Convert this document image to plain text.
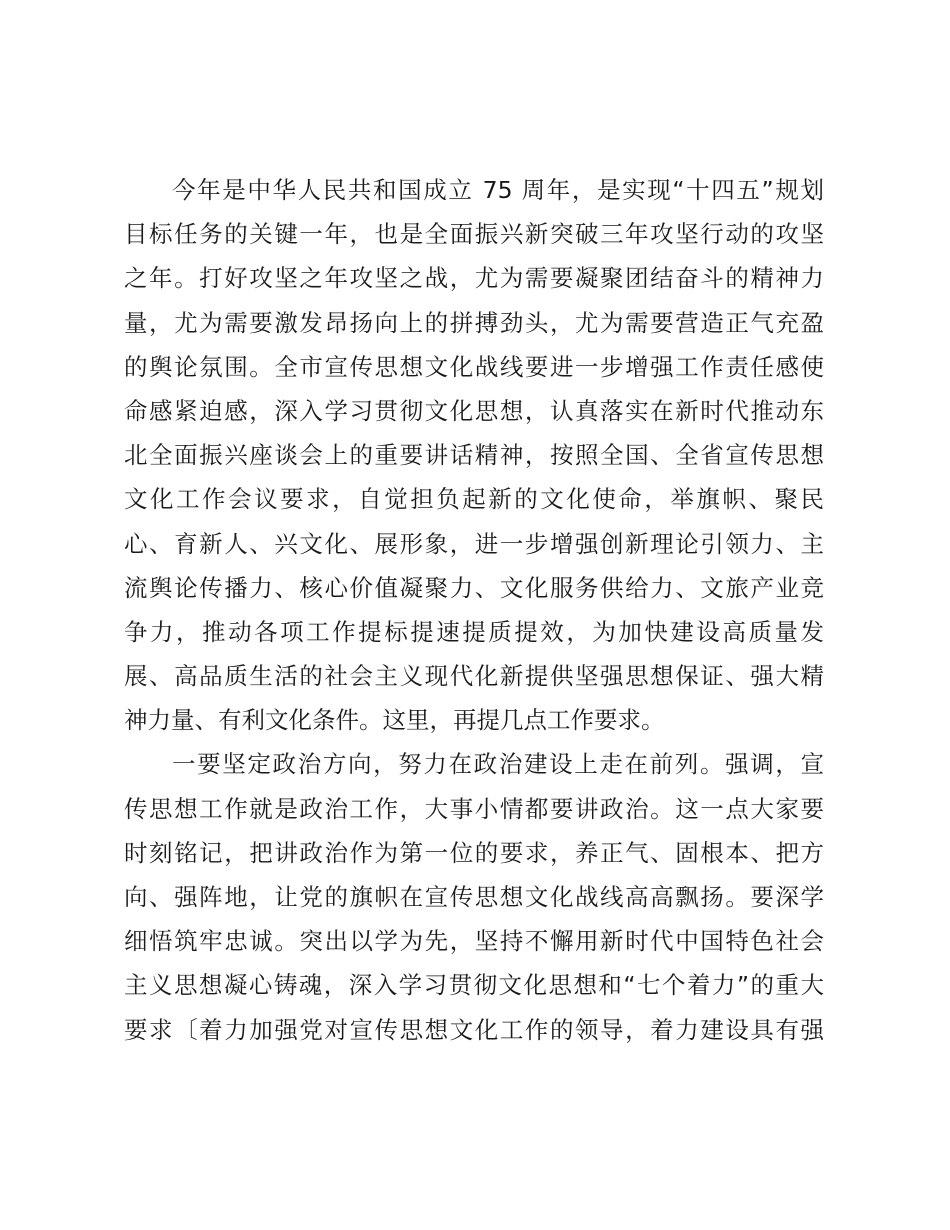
今年是中华人民共和国成立 75 周年，是实现“十四五”规划
目标任务的关键一年，也是全面振兴新突破三年攻坚行动的攻坚
之年。打好攻坚之年攻坚之战，尤为需要凝聚团结奋斗的精神力
量，尤为需要激发昂扬向上的拼搏劲头，尤为需要营造正气充盈
的舆论氛围。全市宣传思想文化战线要进一步增强工作责任感使
命感紧迫感，深入学习贯彻文化思想，认真落实在新时代推动东
北全面振兴座谈会上的重要讲话精神，按照全国、全省宣传思想
文化工作会议要求，自觉担负起新的文化使命，举旗帜、聚民
心、育新人、兴文化、展形象，进一步增强创新理论引领力、主
流舆论传播力、核心价值凝聚力、文化服务供给力、文旅产业竞
争力，推动各项工作提标提速提质提效，为加快建设高质量发
展、高品质生活的社会主义现代化新提供坚强思想保证、强大精
神力量、有利文化条件。这里，再提几点工作要求。
一要坚定政治方向，努力在政治建设上走在前列。强调，宣
传思想工作就是政治工作，大事小情都要讲政治。这一点大家要
时刻铭记，把讲政治作为第一位的要求，养正气、固根本、把方
向、强阵地，让党的旗帜在宣传思想文化战线高高飘扬。要深学
细悟筑牢忠诚。突出以学为先，坚持不懈用新时代中国特色社会
主义思想凝心铸魂，深入学习贯彻文化思想和“七个着力”的重大
要求〔着力加强党对宣传思想文化工作的领导，着力建设具有强
